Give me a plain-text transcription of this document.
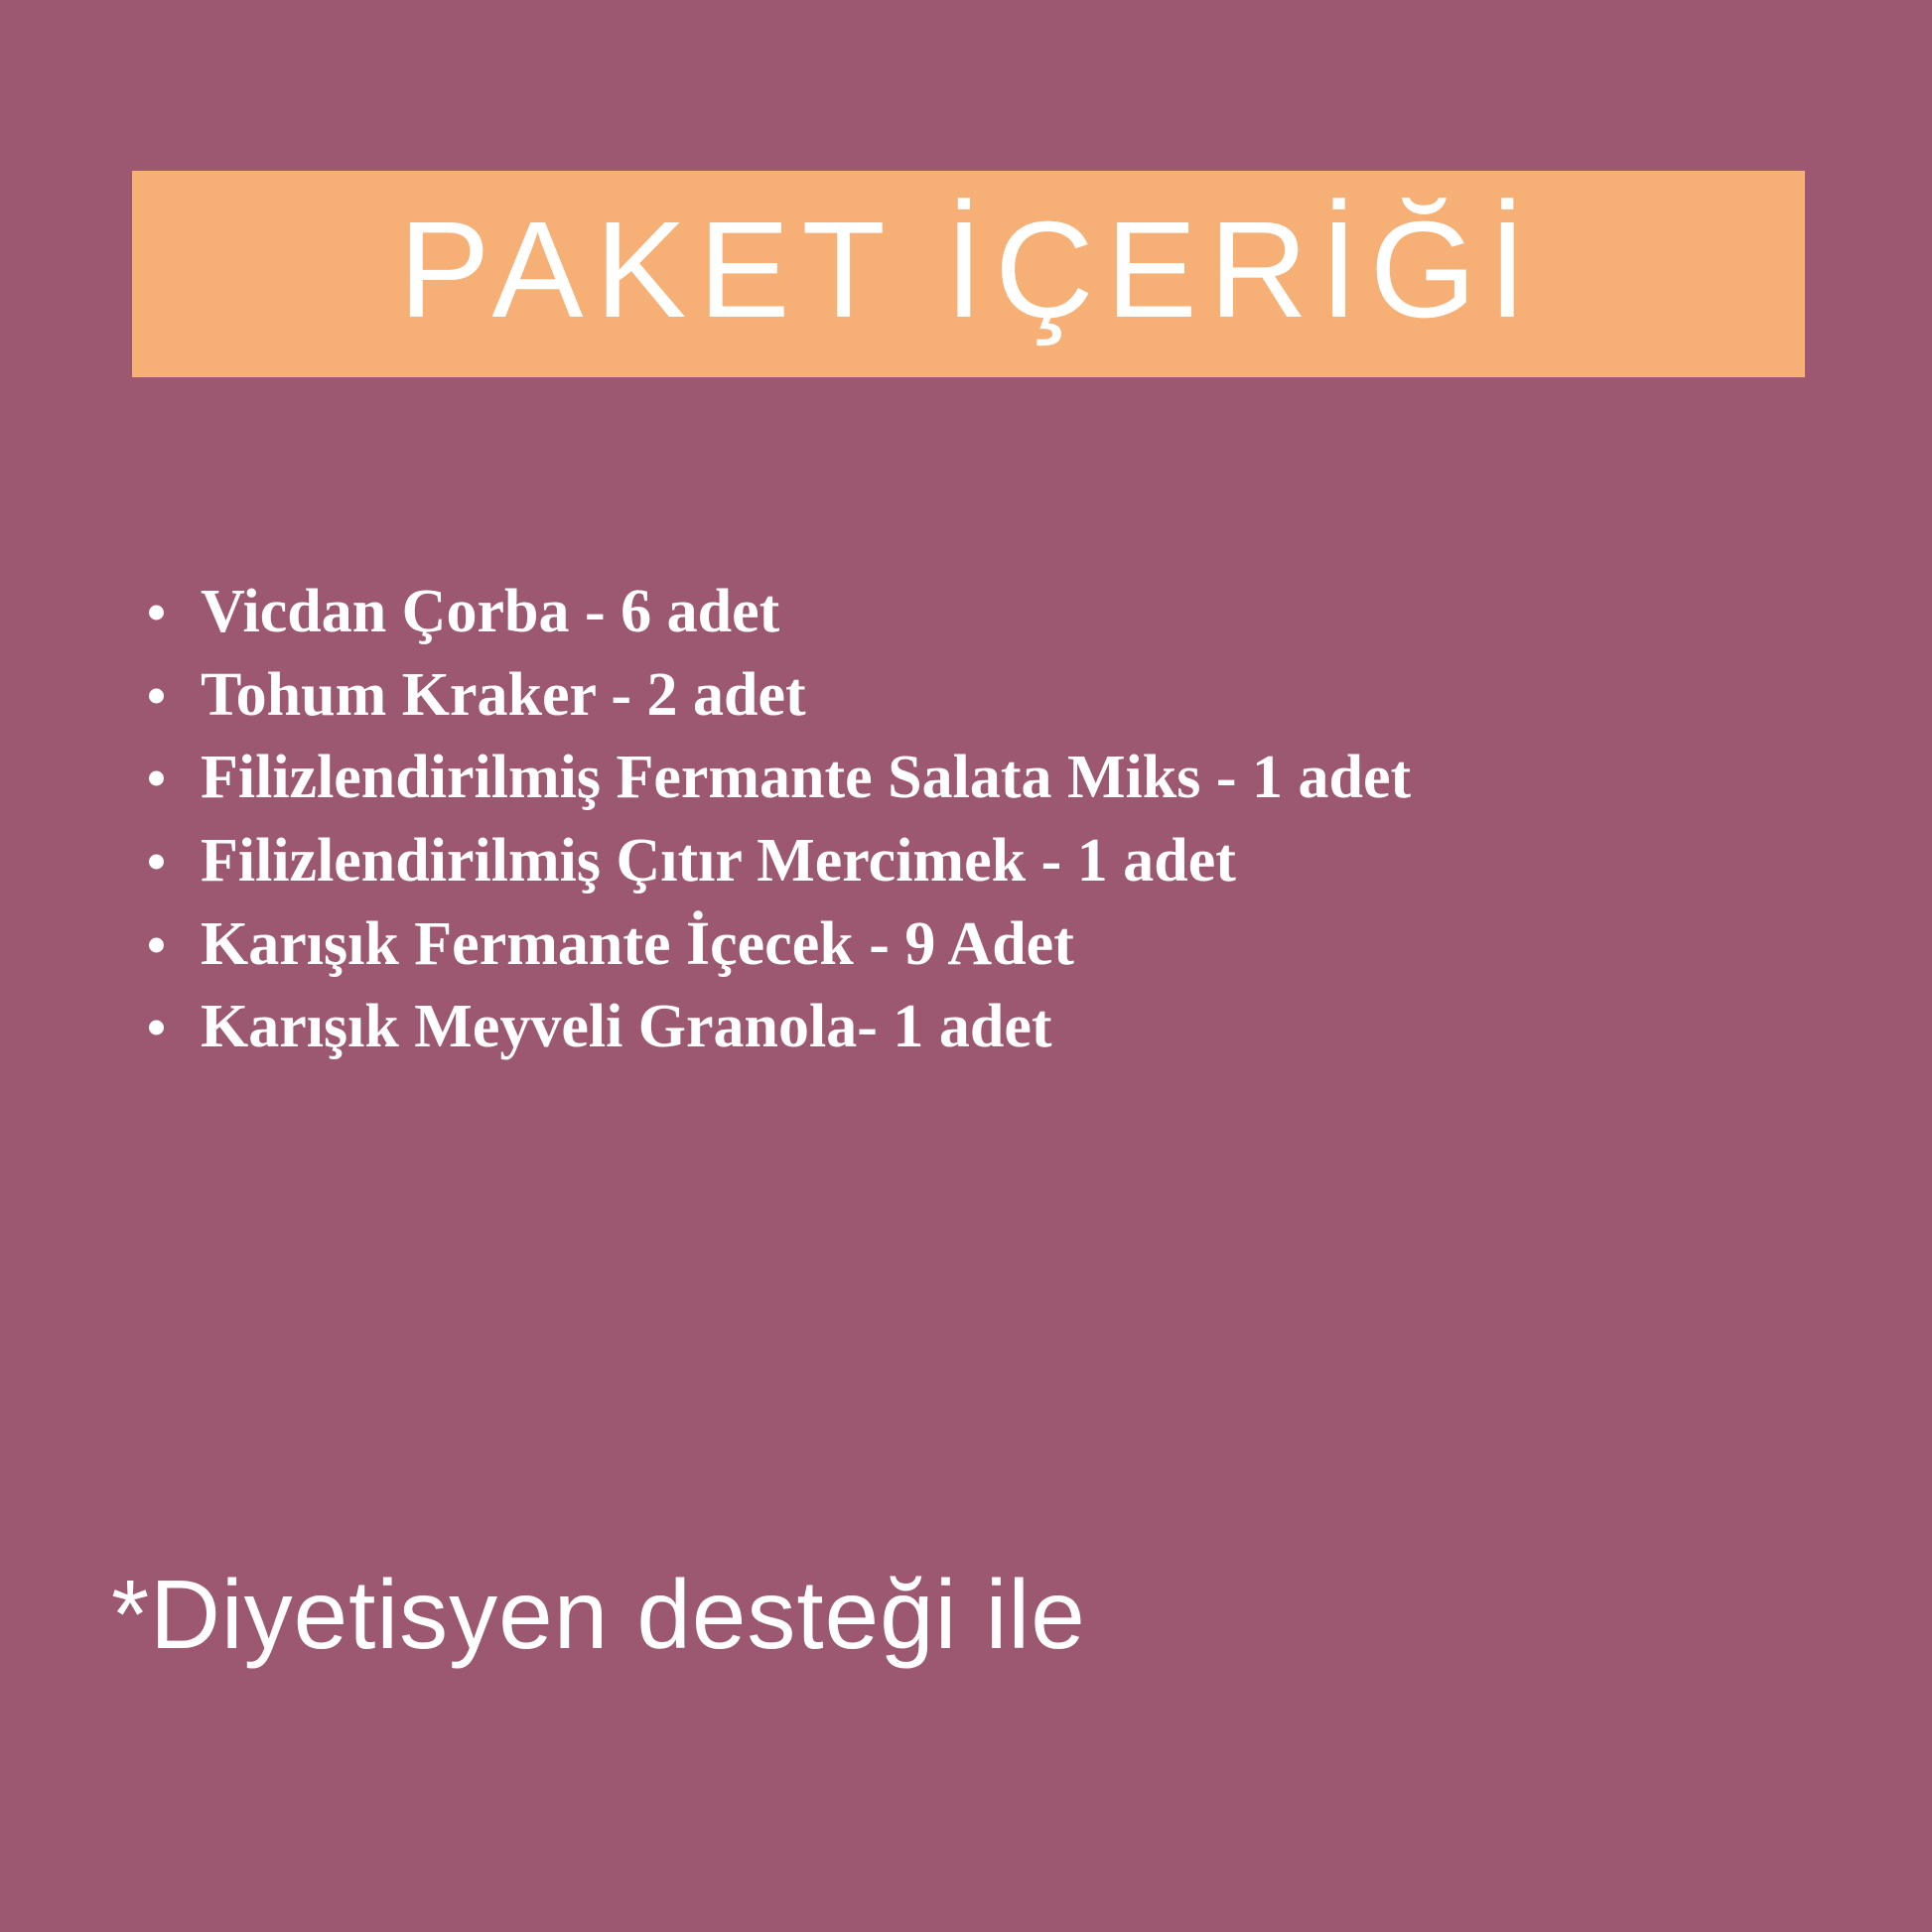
PAKET İÇERİĞİ
Vicdan Çorba - 6 adet
Tohum Kraker - 2 adet
Filizlendirilmiş Fermante Salata Miks - 1 adet
Filizlendirilmiş Çıtır Mercimek - 1 adet
Karışık Fermante İçecek - 9 Adet
Karışık Meyveli Granola- 1 adet
*Diyetisyen desteği ile
